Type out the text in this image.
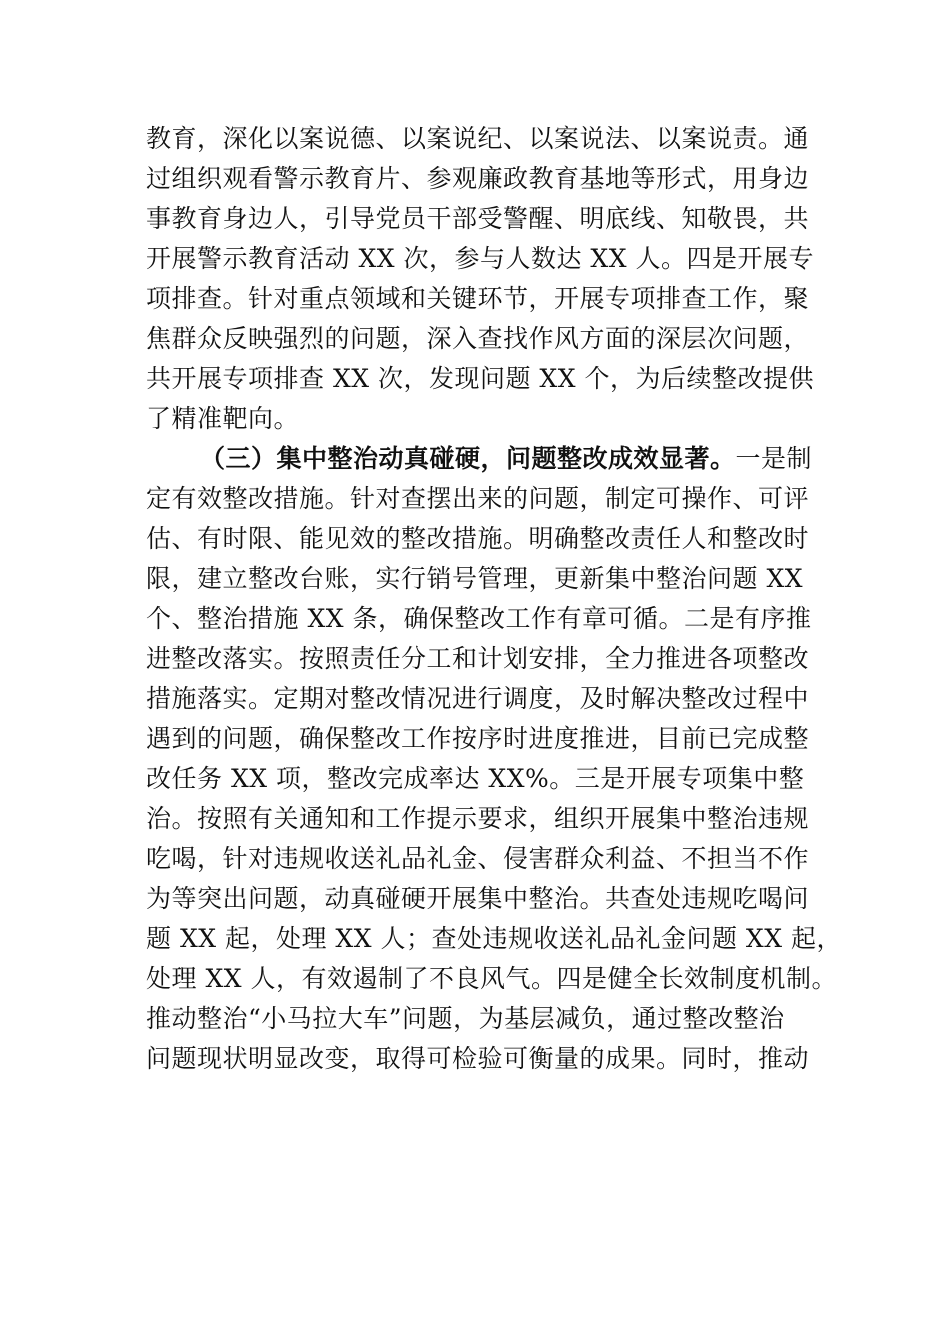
教育，深化以案说德、以案说纪、以案说法、以案说责。通
过组织观看警示教育片、参观廉政教育基地等形式，用身边
事教育身边人，引导党员干部受警醒、明底线、知敬畏，共
开展警示教育活动 XX 次，参与人数达 XX 人。四是开展专
项排查。针对重点领域和关键环节，开展专项排查工作，聚
焦群众反映强烈的问题，深入查找作风方面的深层次问题，
共开展专项排查 XX 次，发现问题 XX 个，为后续整改提供
了精准靶向。
（三）集中整治动真碰硬，问题整改成效显著。一是制
定有效整改措施。针对查摆出来的问题，制定可操作、可评
估、有时限、能见效的整改措施。明确整改责任人和整改时
限，建立整改台账，实行销号管理，更新集中整治问题 XX
个、整治措施 XX 条，确保整改工作有章可循。二是有序推
进整改落实。按照责任分工和计划安排，全力推进各项整改
措施落实。定期对整改情况进行调度，及时解决整改过程中
遇到的问题，确保整改工作按序时进度推进，目前已完成整
改任务 XX 项，整改完成率达 XX%。三是开展专项集中整
治。按照有关通知和工作提示要求，组织开展集中整治违规
吃喝，针对违规收送礼品礼金、侵害群众利益、不担当不作
为等突出问题，动真碰硬开展集中整治。共查处违规吃喝问
题 XX 起，处理 XX 人；查处违规收送礼品礼金问题 XX 起，
处理 XX 人，有效遏制了不良风气。四是健全长效制度机制。
推动整治“小马拉大车”问题，为基层减负，通过整改整治
问题现状明显改变，取得可检验可衡量的成果。同时，推动
